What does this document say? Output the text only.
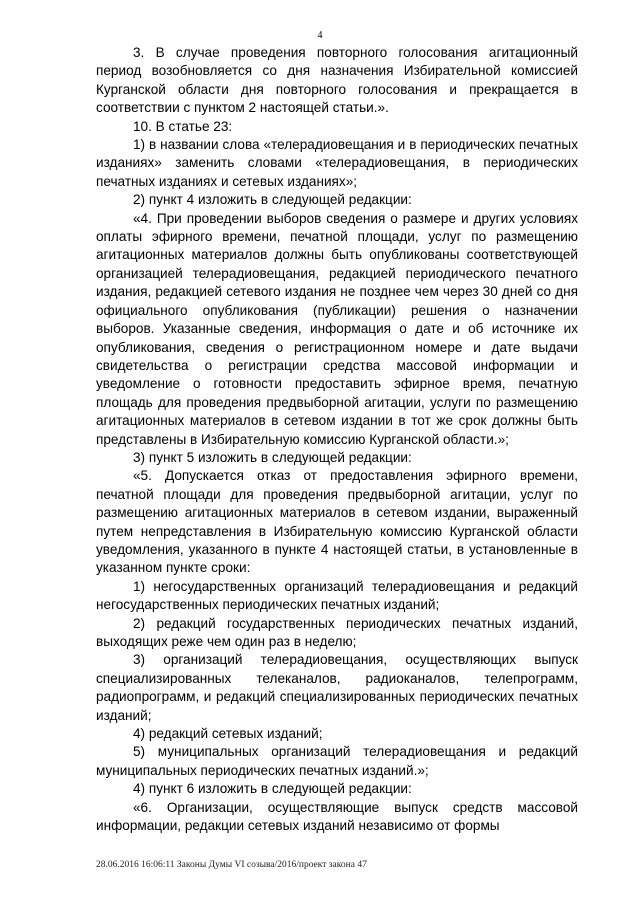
4

3. В случае проведения повторного голосования агитационный период возобновляется со дня назначения Избирательной комиссией Курганской области дня повторного голосования и прекращается в соответствии с пунктом 2 настоящей статьи.».

10. В статье 23:

1) в названии слова «телерадиовещания и в периодических печатных изданиях» заменить словами «телерадиовещания, в периодических печатных изданиях и сетевых изданиях»;

2) пункт 4 изложить в следующей редакции:

«4. При проведении выборов сведения о размере и других условиях оплаты эфирного времени, печатной площади, услуг по размещению агитационных материалов должны быть опубликованы соответствующей организацией телерадиовещания, редакцией периодического печатного издания, редакцией сетевого издания не позднее чем через 30 дней со дня официального опубликования (публикации) решения о назначении выборов. Указанные сведения, информация о дате и об источнике их опубликования, сведения о регистрационном номере и дате выдачи свидетельства о регистрации средства массовой информации и уведомление о готовности предоставить эфирное время, печатную площадь для проведения предвыборной агитации, услуги по размещению агитационных материалов в сетевом издании в тот же срок должны быть представлены в Избирательную комиссию Курганской области.»;

3) пункт 5 изложить в следующей редакции:

«5. Допускается отказ от предоставления эфирного времени, печатной площади для проведения предвыборной агитации, услуг по размещению агитационных материалов в сетевом издании, выраженный путем непредставления в Избирательную комиссию Курганской области уведомления, указанного в пункте 4 настоящей статьи, в установленные в указанном пункте сроки:

1) негосударственных организаций телерадиовещания и редакций негосударственных периодических печатных изданий;

2) редакций государственных периодических печатных изданий, выходящих реже чем один раз в неделю;

3) организаций телерадиовещания, осуществляющих выпуск специализированных телеканалов, радиоканалов, телепрограмм, радиопрограмм, и редакций специализированных периодических печатных изданий;

4) редакций сетевых изданий;

5) муниципальных организаций телерадиовещания и редакций муниципальных периодических печатных изданий.»;

4) пункт 6 изложить в следующей редакции:

«6. Организации, осуществляющие выпуск средств массовой информации, редакции сетевых изданий независимо от формы

28.06.2016 16:06:11 Законы Думы VI созыва/2016/проект закона 47
